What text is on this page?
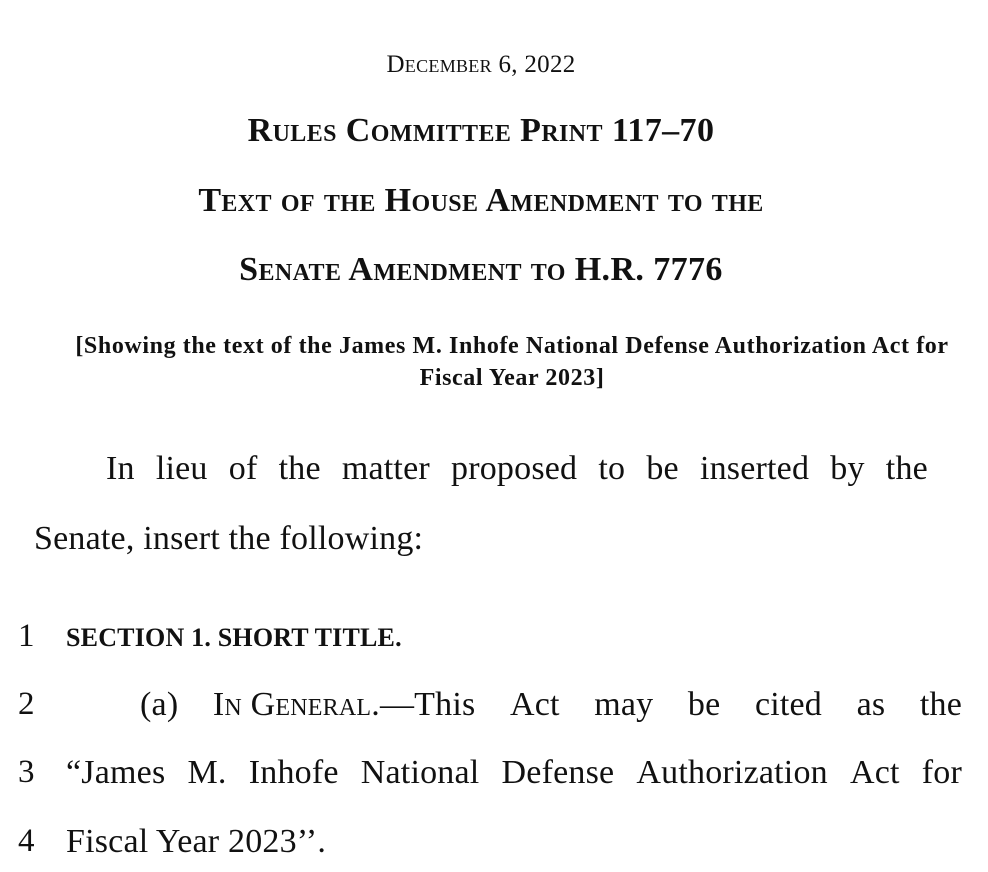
December 6, 2022
Rules Committee Print 117–70
Text of the House Amendment to the
Senate Amendment to H.R. 7776
[Showing the text of the James M. Inhofe National Defense Authorization Act for Fiscal Year 2023]
In lieu of the matter proposed to be inserted by the
Senate, insert the following:
1
2
3
4
SECTION 1. SHORT TITLE.
(a) In General.—This Act may be cited as the
“James M. Inhofe National Defense Authorization Act for
Fiscal Year 2023’’.
